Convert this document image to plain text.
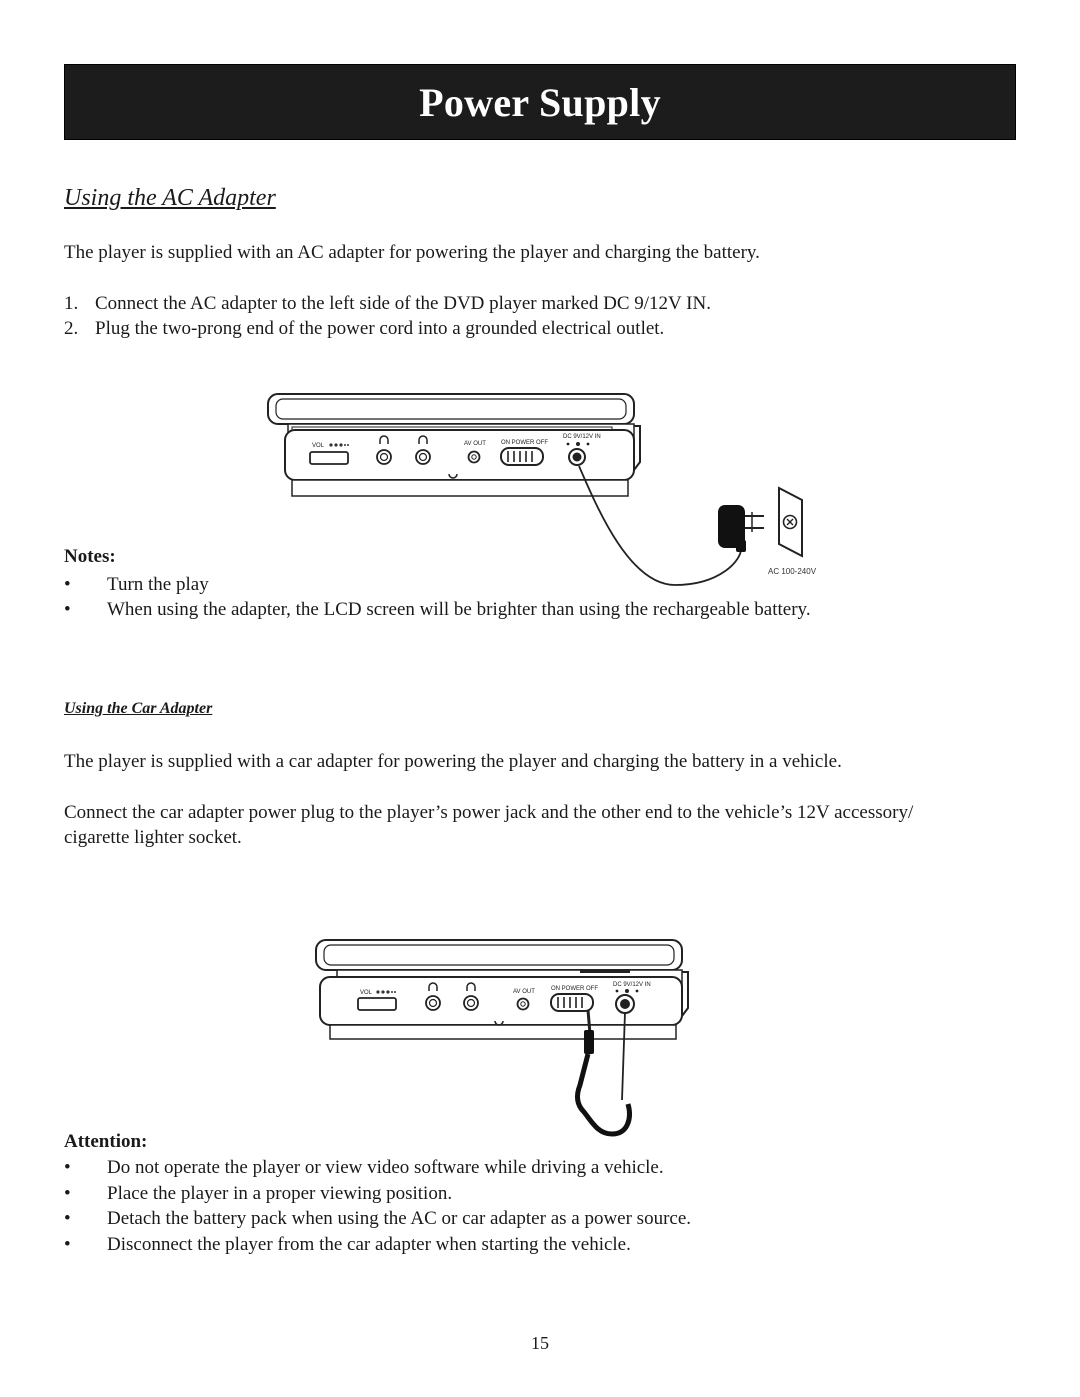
Power Supply

Using the AC Adapter

The player is supplied with an AC adapter for powering the player and charging the battery.

1. Connect the AC adapter to the left side of the DVD player marked DC 9/12V IN.
2. Plug the two-prong end of the power cord into a grounded electrical outlet.
VOL	AV OUT	ON POWER OFF
DC 9V/12V IN
AC 100-240V

Notes:

• Turn the play
• When using the adapter, the LCD screen will be brighter than using the rechargeable battery.

Using the Car Adapter

The player is supplied with a car adapter for powering the player and charging the battery in a vehicle.

Connect the car adapter power plug to the player’s power jack and the other end to the vehicle’s 12V accessory/

cigarette lighter socket.

VOL	AV OUT	ON POWER OFF
DC 9V/12V IN

Attention:

• Do not operate the player or view video software while driving a vehicle.
• Place the player in a proper viewing position.
• Detach the battery pack when using the AC or car adapter as a power source.
• Disconnect the player from the car adapter when starting the vehicle.
15
